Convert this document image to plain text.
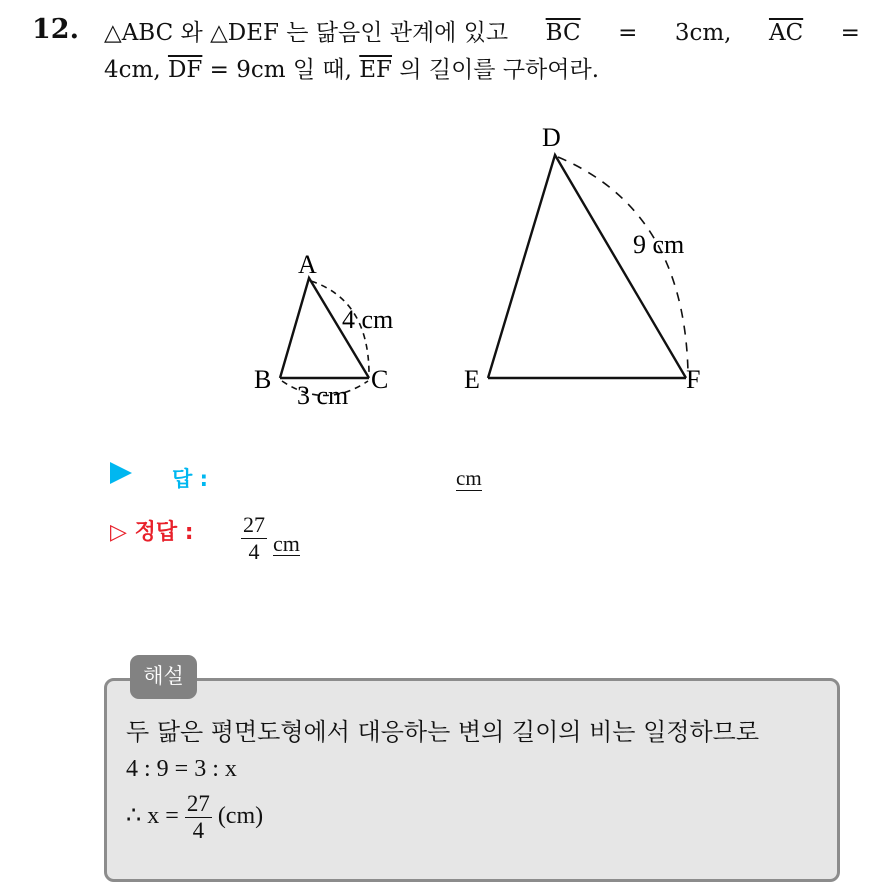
12. △ABC 와 △DEF 는 닮음인 관계에 있고 $\overline{BC} = 3cm$, $\overline{AC}$ =
4cm, $\overline{DF} = 9cm$ 일 때, $\overline{EF}$ 의 길이를 구하여라.
A
B	C
4 cm
3 cm
D
E	F
9 cm
답 :	cm
▷ 정답 : $\frac{27}{4}$ cm
해설
두 닮은 평면도형에서 대응하는 변의 길이의 비는 일정하므로
4 : 9 = 3 : x
∴ $x = \frac{27}{4} (cm)$
